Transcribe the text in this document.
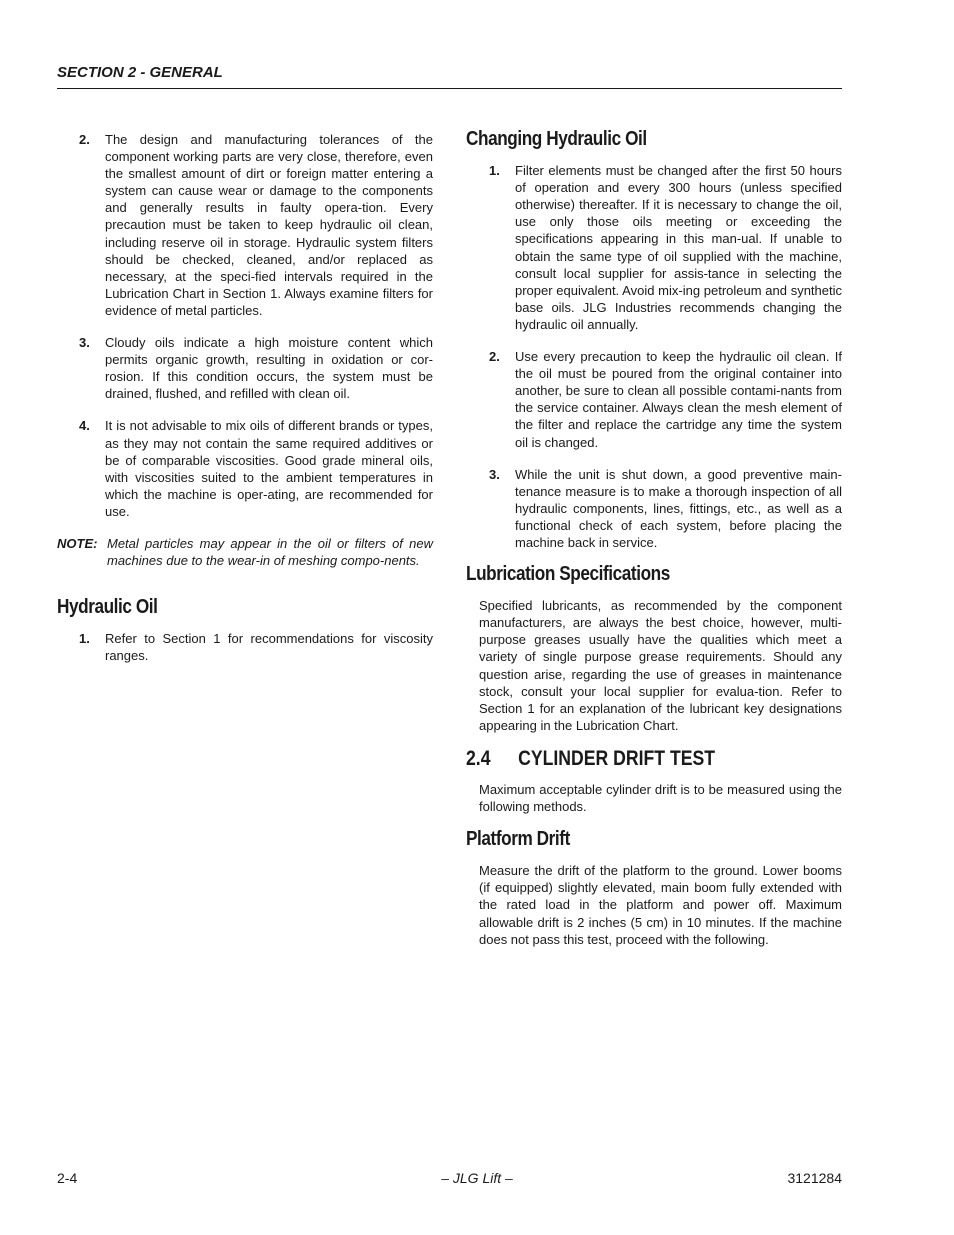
SECTION 2 - GENERAL
2. The design and manufacturing tolerances of the component working parts are very close, therefore, even the smallest amount of dirt or foreign matter entering a system can cause wear or damage to the components and generally results in faulty opera-tion. Every precaution must be taken to keep hydraulic oil clean, including reserve oil in storage. Hydraulic system filters should be checked, cleaned, and/or replaced as necessary, at the speci-fied intervals required in the Lubrication Chart in Section 1. Always examine filters for evidence of metal particles.
3. Cloudy oils indicate a high moisture content which permits organic growth, resulting in oxidation or cor-rosion. If this condition occurs, the system must be drained, flushed, and refilled with clean oil.
4. It is not advisable to mix oils of different brands or types, as they may not contain the same required additives or be of comparable viscosities. Good grade mineral oils, with viscosities suited to the ambient temperatures in which the machine is oper-ating, are recommended for use.
NOTE: Metal particles may appear in the oil or filters of new machines due to the wear-in of meshing compo-nents.
Hydraulic Oil
1. Refer to Section 1 for recommendations for viscosity ranges.
Changing Hydraulic Oil
1. Filter elements must be changed after the first 50 hours of operation and every 300 hours (unless specified otherwise) thereafter. If it is necessary to change the oil, use only those oils meeting or exceeding the specifications appearing in this man-ual. If unable to obtain the same type of oil supplied with the machine, consult local supplier for assis-tance in selecting the proper equivalent. Avoid mix-ing petroleum and synthetic base oils. JLG Industries recommends changing the hydraulic oil annually.
2. Use every precaution to keep the hydraulic oil clean. If the oil must be poured from the original container into another, be sure to clean all possible contami-nants from the service container. Always clean the mesh element of the filter and replace the cartridge any time the system oil is changed.
3. While the unit is shut down, a good preventive main-tenance measure is to make a thorough inspection of all hydraulic components, lines, fittings, etc., as well as a functional check of each system, before placing the machine back in service.
Lubrication Specifications

Specified lubricants, as recommended by the component manufacturers, are always the best choice, however, multi-purpose greases usually have the qualities which meet a variety of single purpose grease requirements. Should any question arise, regarding the use of greases in maintenance stock, consult your local supplier for evalua-tion. Refer to Section 1 for an explanation of the lubricant key designations appearing in the Lubrication Chart.

2.4 CYLINDER DRIFT TEST

Maximum acceptable cylinder drift is to be measured using the following methods.

Platform Drift

Measure the drift of the platform to the ground. Lower booms (if equipped) slightly elevated, main boom fully extended with the rated load in the platform and power off. Maximum allowable drift is 2 inches (5 cm) in 10 minutes. If the machine does not pass this test, proceed with the following.

2-4	– JLG Lift –	3121284
